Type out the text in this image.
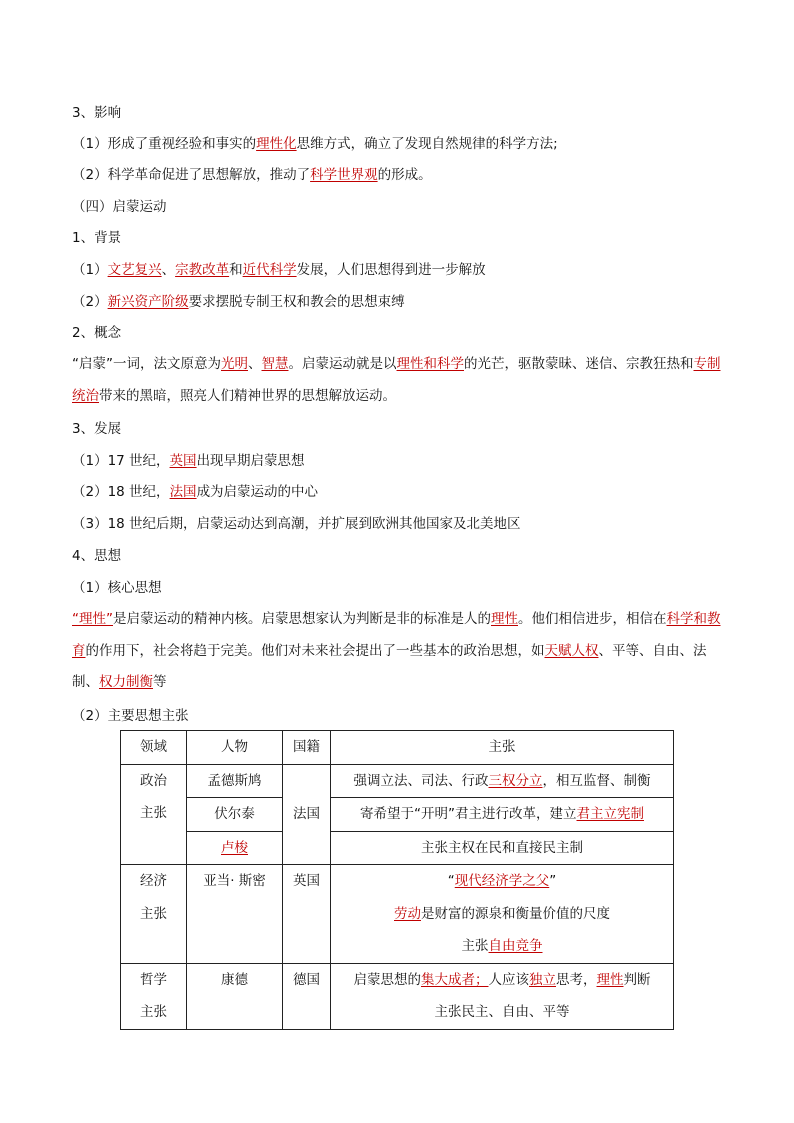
3、影响
（1）形成了重视经验和事实的理性化思维方式，确立了发现自然规律的科学方法;
（2）科学革命促进了思想解放，推动了科学世界观的形成。
（四）启蒙运动
1、背景
（1）文艺复兴、宗教改革和近代科学发展，人们思想得到进一步解放
（2）新兴资产阶级要求摆脱专制王权和教会的思想束缚
2、概念
“启蒙”一词，法文原意为光明、智慧。启蒙运动就是以理性和科学的光芒，驱散蒙昧、迷信、宗教狂热和专制统治带来的黑暗，照亮人们精神世界的思想解放运动。
3、发展
（1）17 世纪，英国出现早期启蒙思想
（2）18 世纪，法国成为启蒙运动的中心
（3）18 世纪后期，启蒙运动达到高潮，并扩展到欧洲其他国家及北美地区
4、思想
（1）核心思想
“理性”是启蒙运动的精神内核。启蒙思想家认为判断是非的标准是人的理性。他们相信进步，相信在科学和教育的作用下，社会将趋于完美。他们对未来社会提出了一些基本的政治思想，如天赋人权、平等、自由、法制、权力制衡等
（2）主要思想主张
领域	人物	国籍	主张

政治
主张	孟德斯鸠	法国	强调立法、司法、行政三权分立，相互监督、制衡
	伏尔泰		寄希望于“开明”君主进行改革，建立君主立宪制
	卢梭		主张主权在民和直接民主制

经济
主张	亚当· 斯密	英国	“现代经济学之父”
劳动是财富的源泉和衡量价值的尺度
主张自由竞争

哲学
主张	康德	德国	启蒙思想的集大成者；人应该独立思考，理性判断
主张民主、自由、平等
